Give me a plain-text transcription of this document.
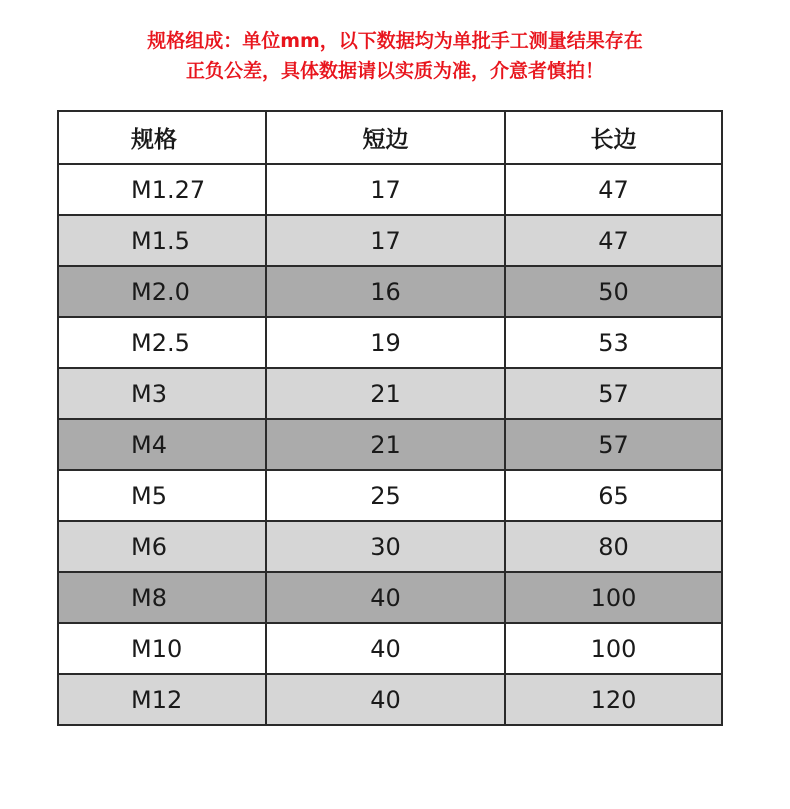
规格组成：单位mm，以下数据均为单批手工测量结果存在
正负公差，具体数据请以实质为准，介意者慎拍！
规格	短边	长边
M1.27	17	47
M1.5	17	47
M2.0	16	50
M2.5	19	53
M3	21	57
M4	21	57
M5	25	65
M6	30	80
M8	40	100
M10	40	100
M12	40	120
